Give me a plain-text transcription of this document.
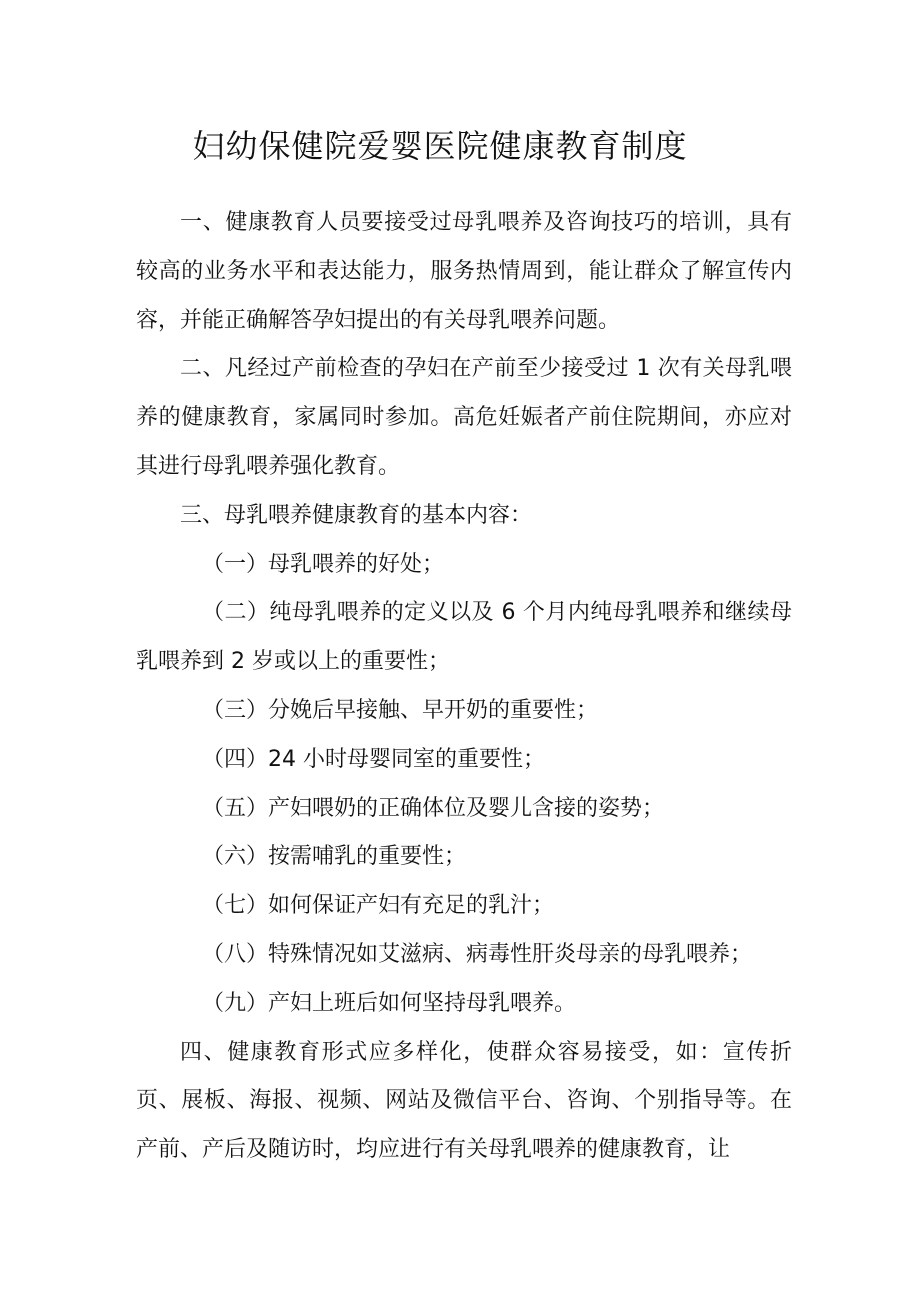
妇幼保健院爱婴医院健康教育制度

一、健康教育人员要接受过母乳喂养及咨询技巧的培训，具有较高的业务水平和表达能力，服务热情周到，能让群众了解宣传内容，并能正确解答孕妇提出的有关母乳喂养问题。

二、凡经过产前检查的孕妇在产前至少接受过 1 次有关母乳喂养的健康教育，家属同时参加。高危妊娠者产前住院期间，亦应对其进行母乳喂养强化教育。

三、母乳喂养健康教育的基本内容：

（一）母乳喂养的好处；

（二）纯母乳喂养的定义以及 6 个月内纯母乳喂养和继续母乳喂养到 2 岁或以上的重要性；

（三）分娩后早接触、早开奶的重要性；

（四）24 小时母婴同室的重要性；

（五）产妇喂奶的正确体位及婴儿含接的姿势；

（六）按需哺乳的重要性；

（七）如何保证产妇有充足的乳汁；

（八）特殊情况如艾滋病、病毒性肝炎母亲的母乳喂养；

（九）产妇上班后如何坚持母乳喂养。

四、健康教育形式应多样化，使群众容易接受，如：宣传折页、展板、海报、视频、网站及微信平台、咨询、个别指导等。在产前、产后及随访时，均应进行有关母乳喂养的健康教育，让
